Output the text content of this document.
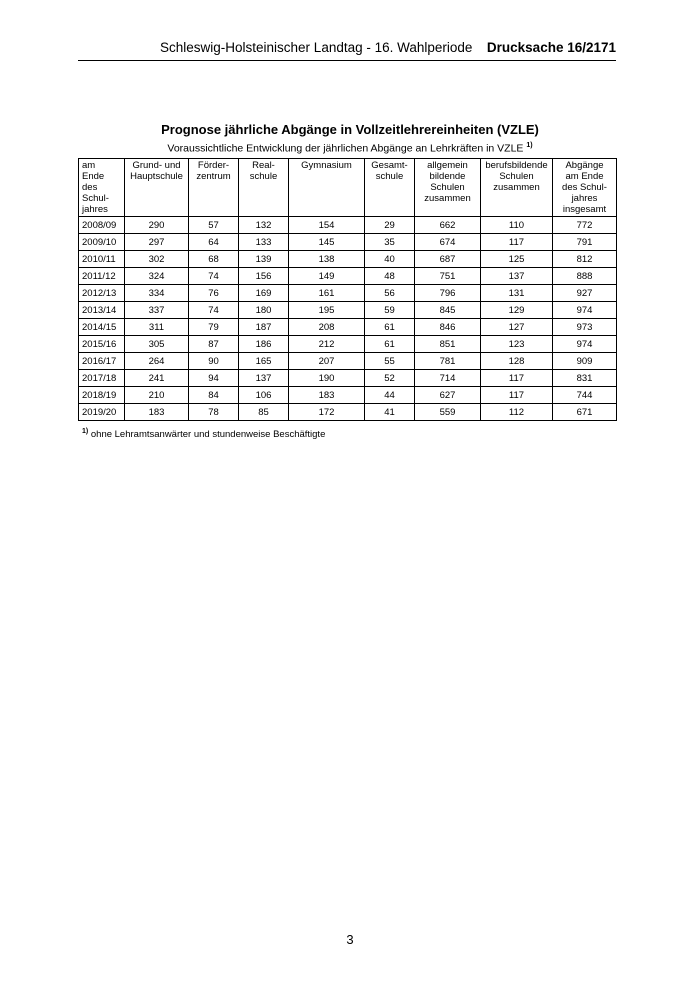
Schleswig-Holsteinischer Landtag - 16. Wahlperiode Drucksache 16/2171
Prognose jährliche Abgänge in Vollzeitlehrereinheiten (VZLE)
Voraussichtliche Entwicklung der jährlichen Abgänge an Lehrkräften in VZLE $^{1)}$
am
Ende
des
Schul-
jahres	Grund- und
Hauptschule	Förder-
zentrum	Real-
schule	Gymnasium	Gesamt-
schule	allgemein
bildende
Schulen
zusammen	berufsbildende
Schulen
zusammen	Abgänge
am Ende
des Schul-
jahres
insgesamt
2008/09	290	57	132	154	29	662	110	772
2009/10	297	64	133	145	35	674	117	791
2010/11	302	68	139	138	40	687	125	812
2011/12	324	74	156	149	48	751	137	888
2012/13	334	76	169	161	56	796	131	927
2013/14	337	74	180	195	59	845	129	974
2014/15	311	79	187	208	61	846	127	973
2015/16	305	87	186	212	61	851	123	974
2016/17	264	90	165	207	55	781	128	909
2017/18	241	94	137	190	52	714	117	831
2018/19	210	84	106	183	44	627	117	744
2019/20	183	78	85	172	41	559	112	671
$^{1)}$ ohne Lehramtsanwärter und stundenweise Beschäftigte
3
